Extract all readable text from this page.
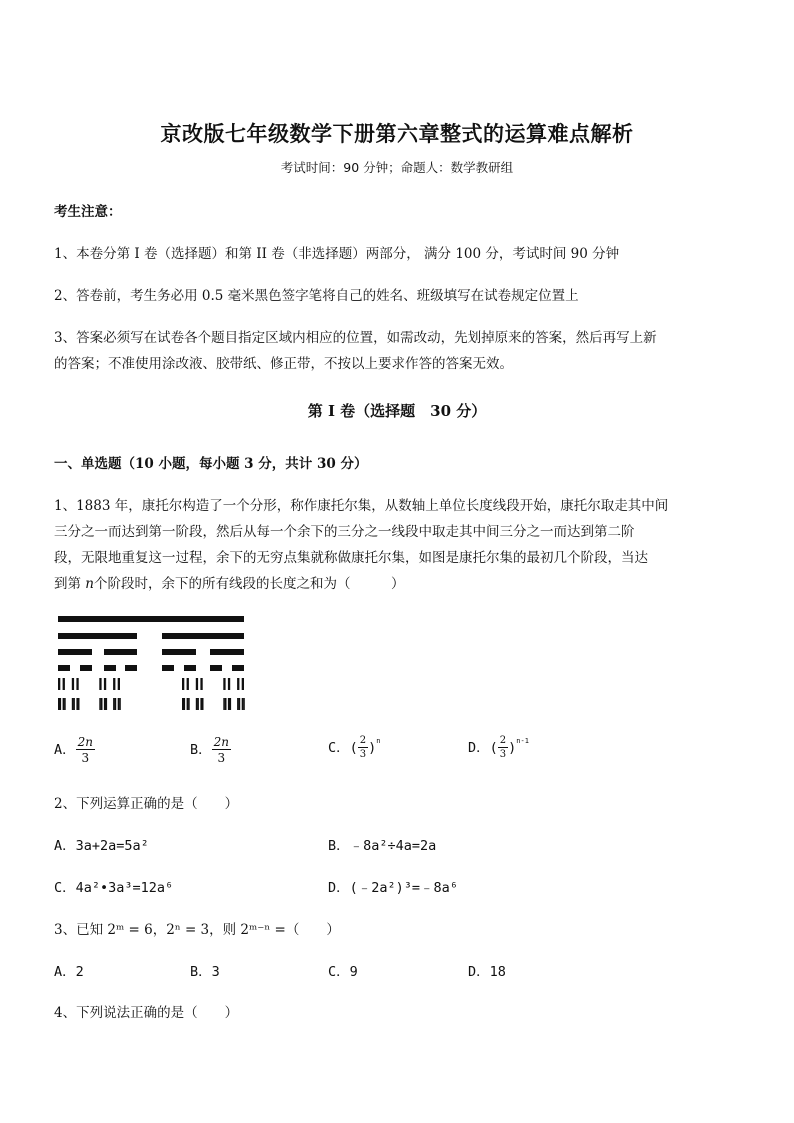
京改版七年级数学下册第六章整式的运算难点解析
考试时间：90 分钟；命题人：数学教研组
考生注意：
1、本卷分第 I 卷（选择题）和第 II 卷（非选择题）两部分， 满分 100 分，考试时间 90 分钟
2、答卷前，考生务必用 0.5 毫米黑色签字笔将自己的姓名、班级填写在试卷规定位置上
3、答案必须写在试卷各个题目指定区域内相应的位置，如需改动，先划掉原来的答案，然后再写上新
的答案；不准使用涂改液、胶带纸、修正带，不按以上要求作答的答案无效。
第 I 卷（选择题　30 分）
一、单选题（10 小题，每小题 3 分，共计 30 分）
1、1883 年，康托尔构造了一个分形，称作康托尔集，从数轴上单位长度线段开始，康托尔取走其中间
三分之一而达到第一阶段，然后从每一个余下的三分之一线段中取走其中间三分之一而达到第二阶
段，无限地重复这一过程，余下的无穷点集就称做康托尔集，如图是康托尔集的最初几个阶段，当达
到第 n个阶段时，余下的所有线段的长度之和为（　　　）
A． $\frac{2n}{3}$	B． $\frac{2n}{3}$	C．( $\frac{2}{3} )^n$	D．( $\frac{2}{3} )^{n-1}$
2、下列运算正确的是（　　）
A．3a+2a=5a²	B．﹣8a²÷4a=2a
C．4a²•3a³=12a⁶	D．(﹣2a²)³=﹣8a⁶
3、已知 2ᵐ = 6，2ⁿ = 3，则 2ᵐ⁻ⁿ =（　　）
A．2	B．3	C．9	D．18
4、下列说法正确的是（　　）
